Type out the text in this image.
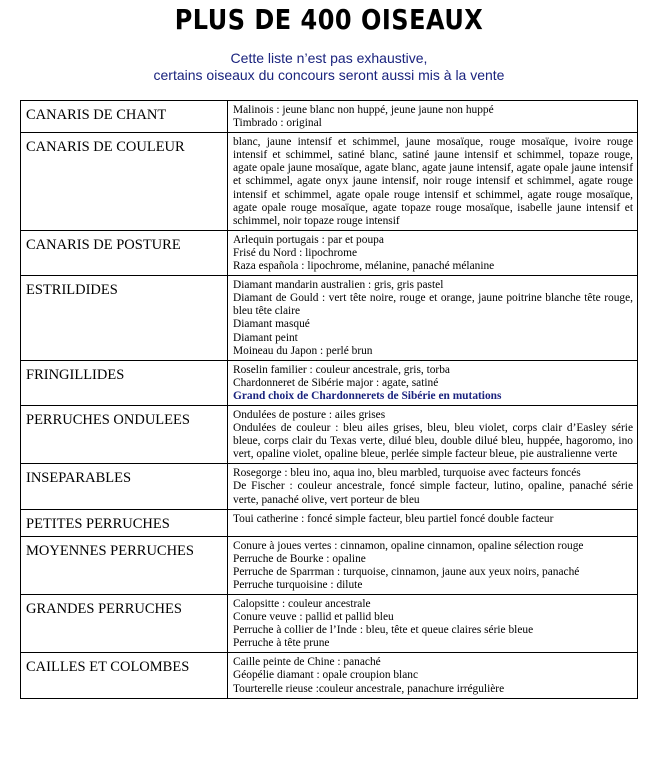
PLUS DE 400 OISEAUX
Cette liste n’est pas exhaustive,
certains oiseaux du concours seront aussi mis à la vente
CANARIS DE CHANT	Malinois : jeune blanc non huppé, jeune jaune non huppé
Timbrado : original

CANARIS DE COULEUR	blanc, jaune intensif et schimmel, jaune mosaïque, rouge mosaïque, ivoire rouge intensif et schimmel, satiné blanc, satiné jaune intensif et schimmel, topaze rouge, agate opale jaune mosaïque, agate blanc, agate jaune intensif, agate opale jaune intensif et schimmel, agate onyx jaune intensif, noir rouge intensif et schimmel, agate rouge intensif et schimmel, agate opale rouge intensif et schimmel, agate rouge mosaïque, agate opale rouge mosaïque, agate topaze rouge mosaïque, isabelle jaune intensif et schimmel, noir topaze rouge intensif

CANARIS DE POSTURE	Arlequin portugais : par et poupa
Frisé du Nord : lipochrome
Raza española : lipochrome, mélanine, panaché mélanine

ESTRILDIDES	Diamant mandarin australien : gris, gris pastel
Diamant de Gould : vert tête noire, rouge et orange, jaune poitrine blanche tête rouge, bleu tête claire
Diamant masqué
Diamant peint
Moineau du Japon : perlé brun

FRINGILLIDES	Roselin familier : couleur ancestrale, gris, torba
Chardonneret de Sibérie major : agate, satiné
Grand choix de Chardonnerets de Sibérie en mutations

PERRUCHES ONDULEES	Ondulées de posture : ailes grises
Ondulées de couleur : bleu ailes grises, bleu, bleu violet, corps clair d’Easley série bleue, corps clair du Texas verte, dilué bleu, double dilué bleu, huppée, hagoromo, ino vert, opaline violet, opaline bleue, perlée simple facteur bleue, pie australienne verte

INSEPARABLES	Rosegorge : bleu ino, aqua ino, bleu marbled, turquoise avec facteurs foncés
De Fischer : couleur ancestrale, foncé simple facteur, lutino, opaline, panaché série verte, panaché olive, vert porteur de bleu

PETITES PERRUCHES	Toui catherine : foncé simple facteur, bleu partiel foncé double facteur

MOYENNES PERRUCHES	Conure à joues vertes : cinnamon, opaline cinnamon, opaline sélection rouge
Perruche de Bourke : opaline
Perruche de Sparrman : turquoise, cinnamon, jaune aux yeux noirs, panaché
Perruche turquoisine : dilute

GRANDES PERRUCHES	Calopsitte : couleur ancestrale
Conure veuve : pallid et pallid bleu
Perruche à collier de l’Inde : bleu, tête et queue claires série bleue
Perruche à tête prune

CAILLES ET COLOMBES	Caille peinte de Chine : panaché
Géopélie diamant : opale croupion blanc
Tourterelle rieuse :couleur ancestrale, panachure irrégulière
